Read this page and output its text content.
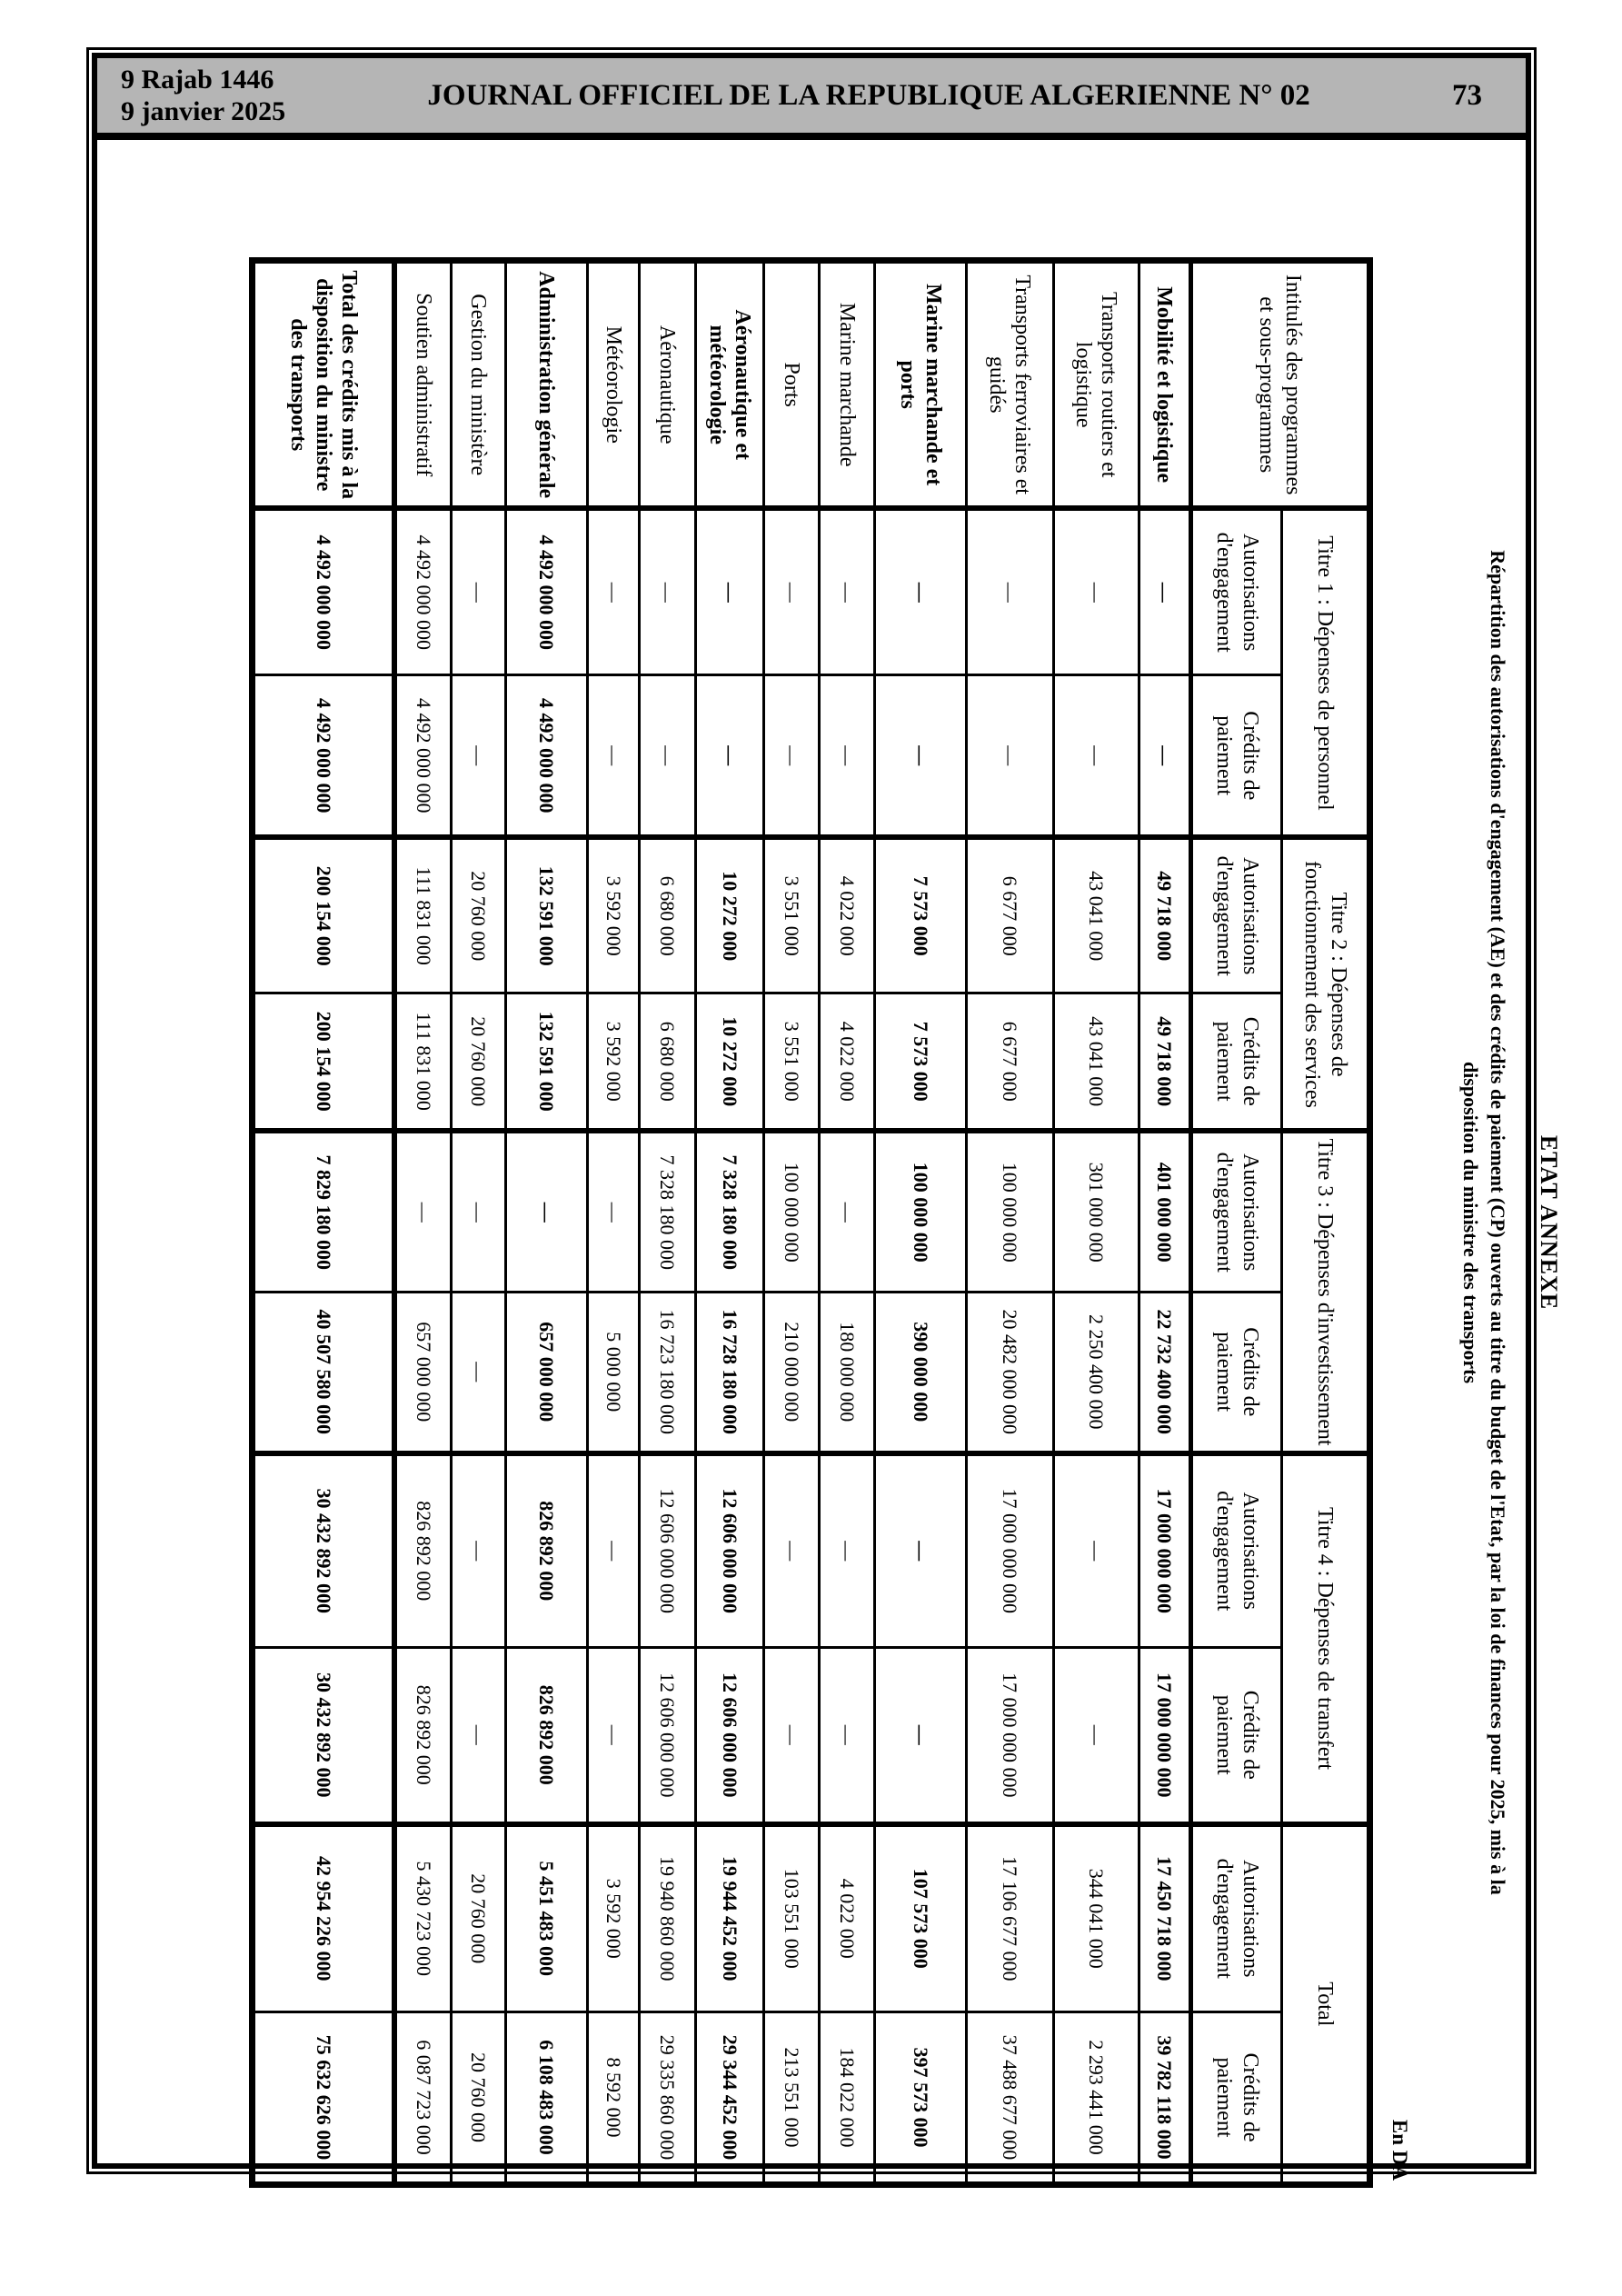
9 Rajab 1446
9 janvier 2025	JOURNAL OFFICIEL DE LA REPUBLIQUE ALGERIENNE N° 02	73
ETAT ANNEXE
Répartition des autorisations d'engagement (AE) et des crédits de paiement (CP) ouverts au titre du budget de l'Etat, par la loi de finances pour 2025, mis à la
disposition du ministre des transports
En DA
Intitulés des programmes et sous-programmes	Titre 1 : Dépenses de personnel		Titre 2 : Dépenses de fonctionnement des services		Titre 3 : Dépenses d'investissement		Titre 4 : Dépenses de transfert		Total	
	Autorisations d'engagement	Crédits de paiement	Autorisations d'engagement	Crédits de paiement	Autorisations d'engagement	Crédits de paiement	Autorisations d'engagement	Crédits de paiement	Autorisations d'engagement	Crédits de paiement
Mobilité et logistique	—	—	49 718 000	49 718 000	401 000 000	22 732 400 000	17 000 000 000	17 000 000 000	17 450 718 000	39 782 118 000
Transports routiers et logistique	—	—	43 041 000	43 041 000	301 000 000	2 250 400 000	—	—	344 041 000	2 293 441 000
Transports ferroviaires et guidés	—	—	6 677 000	6 677 000	100 000 000	20 482 000 000	17 000 000 000	17 000 000 000	17 106 677 000	37 488 677 000
Marine marchande et ports	—	—	7 573 000	7 573 000	100 000 000	390 000 000	—	—	107 573 000	397 573 000
Marine marchande	—	—	4 022 000	4 022 000	—	180 000 000	—	—	4 022 000	184 022 000
Ports	—	—	3 551 000	3 551 000	100 000 000	210 000 000	—	—	103 551 000	213 551 000
Aéronautique et météorologie	—	—	10 272 000	10 272 000	7 328 180 000	16 728 180 000	12 606 000 000	12 606 000 000	19 944 452 000	29 344 452 000
Aéronautique	—	—	6 680 000	6 680 000	7 328 180 000	16 723 180 000	12 606 000 000	12 606 000 000	19 940 860 000	29 335 860 000
Météorologie	—	—	3 592 000	3 592 000	—	5 000 000	—	—	3 592 000	8 592 000
Administration générale	4 492 000 000	4 492 000 000	132 591 000	132 591 000	—	657 000 000	826 892 000	826 892 000	5 451 483 000	6 108 483 000
Gestion du ministère	—	—	20 760 000	20 760 000	—	—	—	—	20 760 000	20 760 000
Soutien administratif	4 492 000 000	4 492 000 000	111 831 000	111 831 000	—	657 000 000	826 892 000	826 892 000	5 430 723 000	6 087 723 000
Total des crédits mis à la disposition du ministre des transports	4 492 000 000	4 492 000 000	200 154 000	200 154 000	7 829 180 000	40 507 580 000	30 432 892 000	30 432 892 000	42 954 226 000	75 632 626 000
